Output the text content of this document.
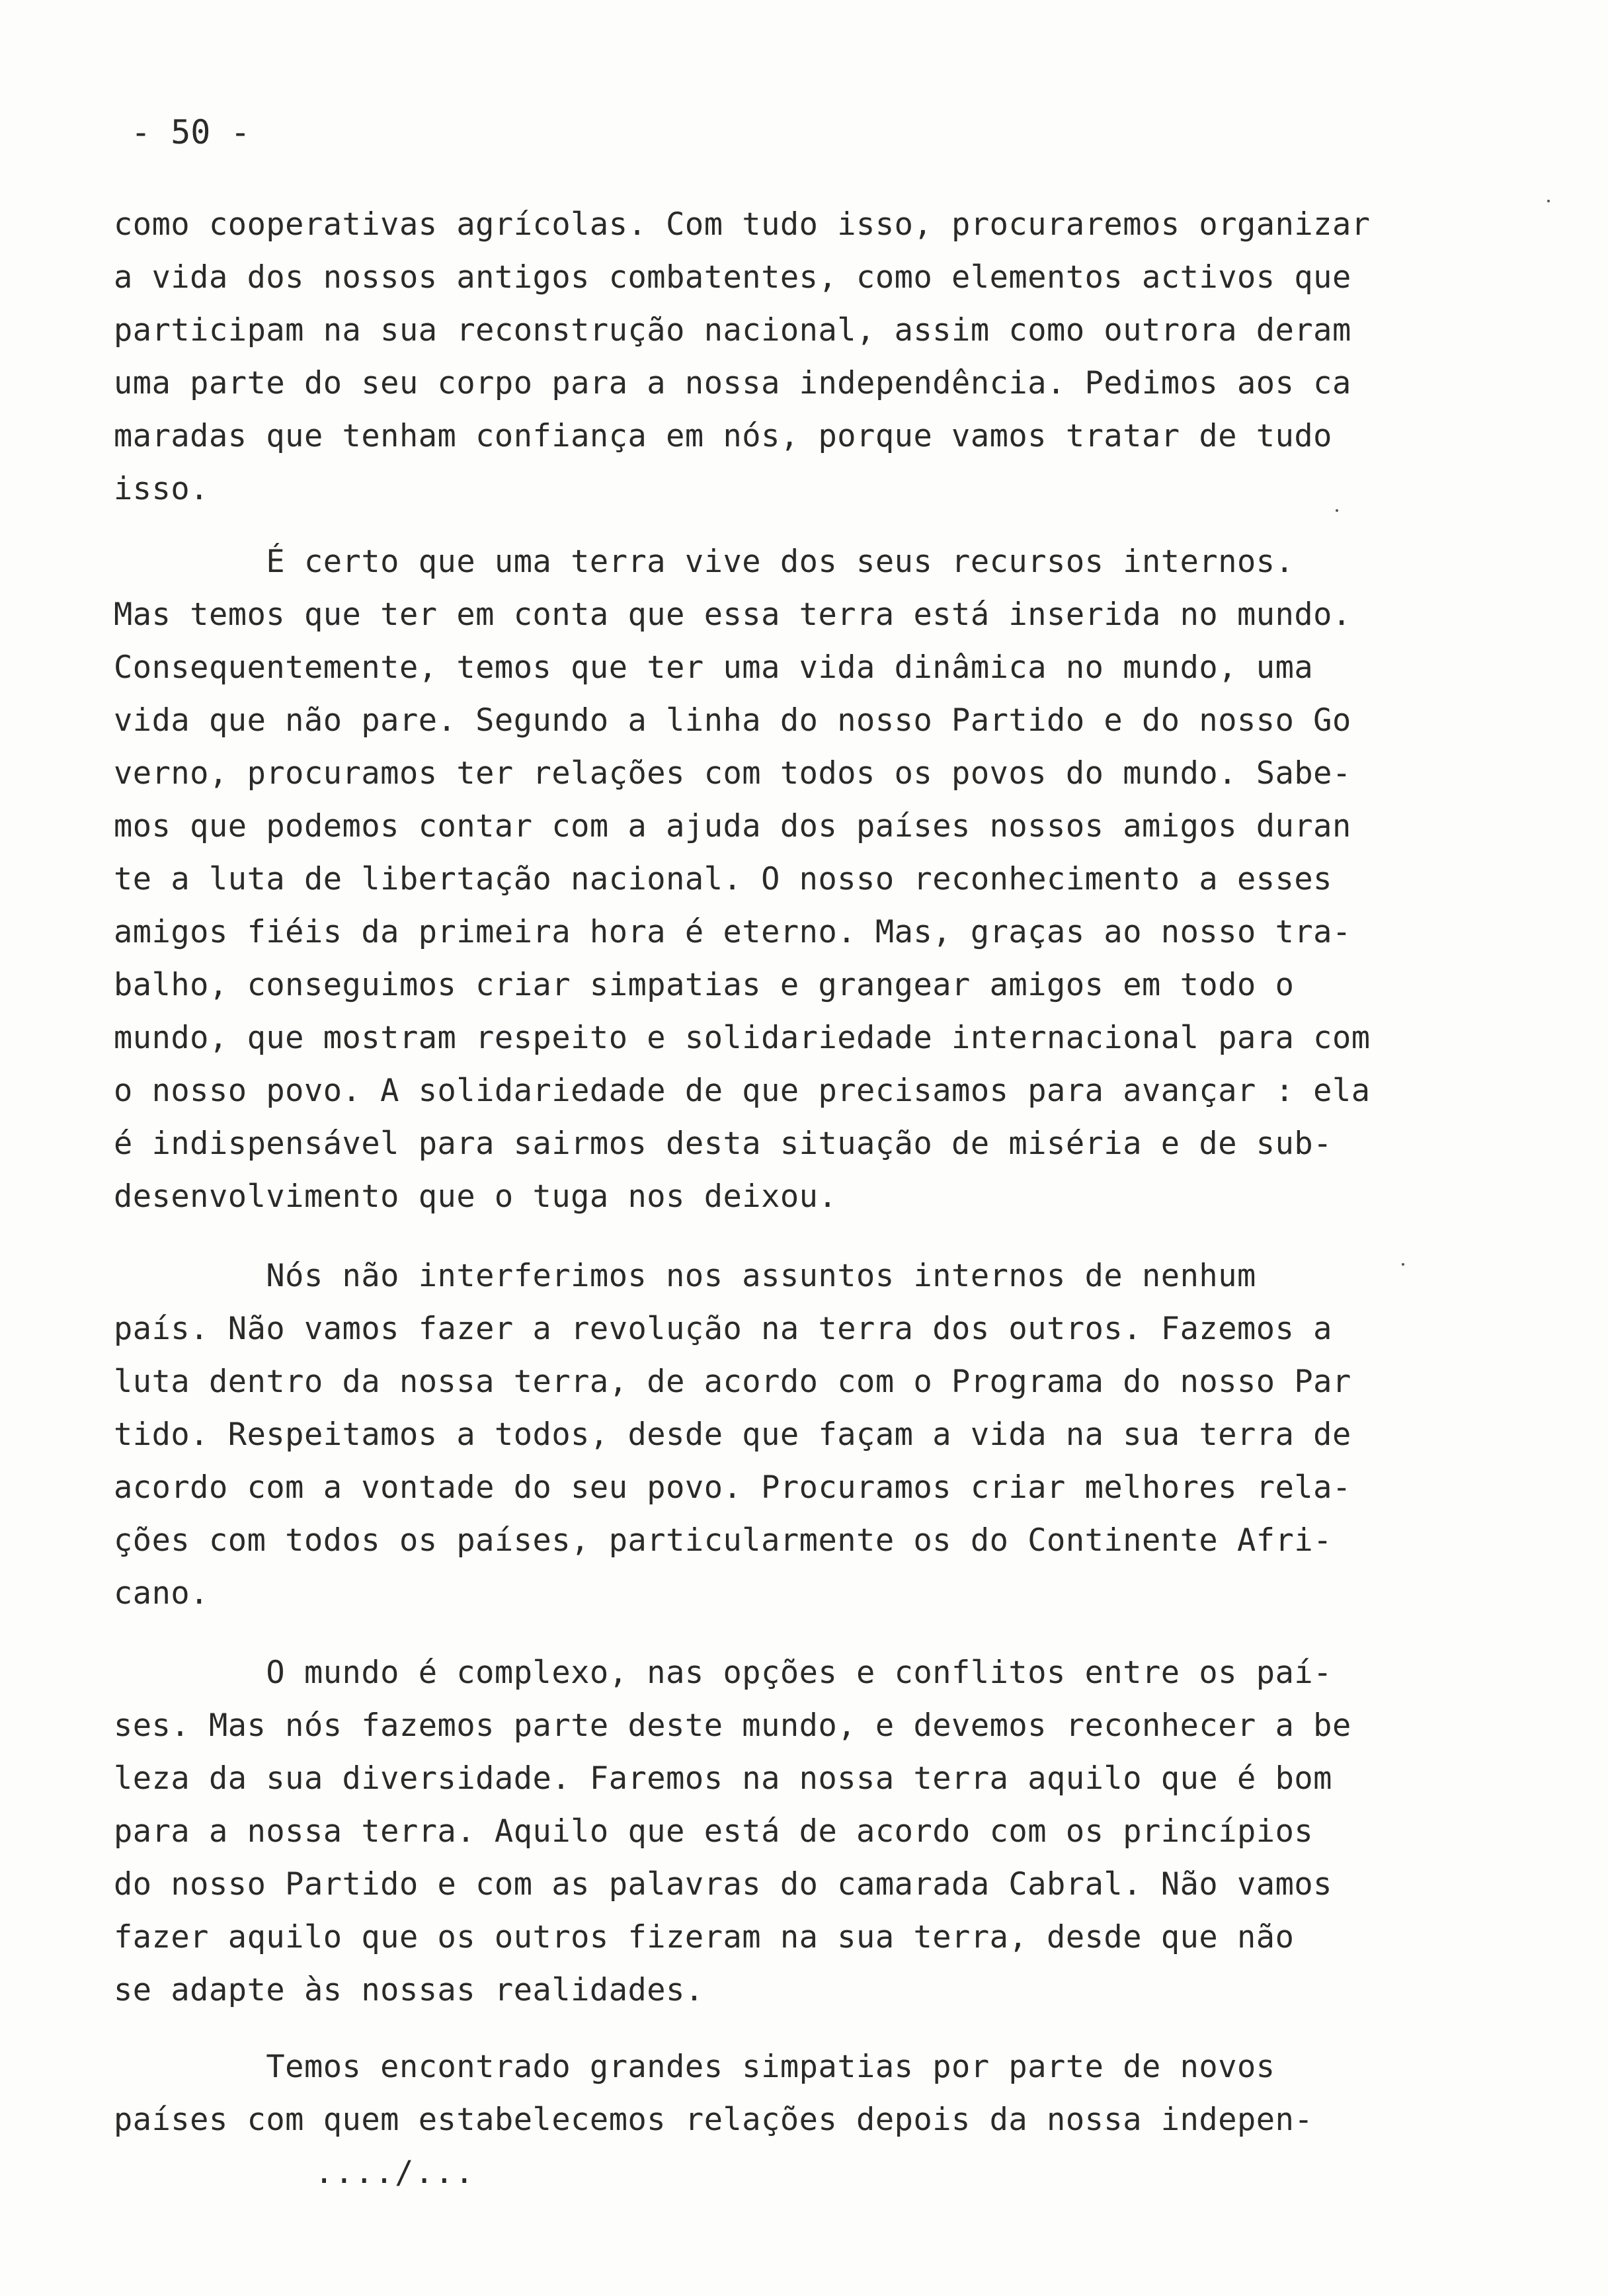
- 50 -
como cooperativas agrícolas. Com tudo isso, procuraremos organizar
a vida dos nossos antigos combatentes, como elementos activos que
participam na sua reconstrução nacional, assim como outrora deram
uma parte do seu corpo para a nossa independência. Pedimos aos ca
maradas que tenham confiança em nós, porque vamos tratar de tudo
isso.
É certo que uma terra vive dos seus recursos internos.
Mas temos que ter em conta que essa terra está inserida no mundo.
Consequentemente, temos que ter uma vida dinâmica no mundo, uma
vida que não pare. Segundo a linha do nosso Partido e do nosso Go
verno, procuramos ter relações com todos os povos do mundo. Sabe-
mos que podemos contar com a ajuda dos países nossos amigos duran
te a luta de libertação nacional. O nosso reconhecimento a esses
amigos fiéis da primeira hora é eterno. Mas, graças ao nosso tra-
balho, conseguimos criar simpatias e grangear amigos em todo o
mundo, que mostram respeito e solidariedade internacional para com
o nosso povo. A solidariedade de que precisamos para avançar : ela
é indispensável para sairmos desta situação de miséria e de sub-
desenvolvimento que o tuga nos deixou.
Nós não interferimos nos assuntos internos de nenhum
país. Não vamos fazer a revolução na terra dos outros. Fazemos a
luta dentro da nossa terra, de acordo com o Programa do nosso Par
tido. Respeitamos a todos, desde que façam a vida na sua terra de
acordo com a vontade do seu povo. Procuramos criar melhores rela-
ções com todos os países, particularmente os do Continente Afri-
cano.
O mundo é complexo, nas opções e conflitos entre os paí-
ses. Mas nós fazemos parte deste mundo, e devemos reconhecer a be
leza da sua diversidade. Faremos na nossa terra aquilo que é bom
para a nossa terra. Aquilo que está de acordo com os princípios
do nosso Partido e com as palavras do camarada Cabral. Não vamos
fazer aquilo que os outros fizeram na sua terra, desde que não
se adapte às nossas realidades.
Temos encontrado grandes simpatias por parte de novos
países com quem estabelecemos relações depois da nossa indepen-
..../...
